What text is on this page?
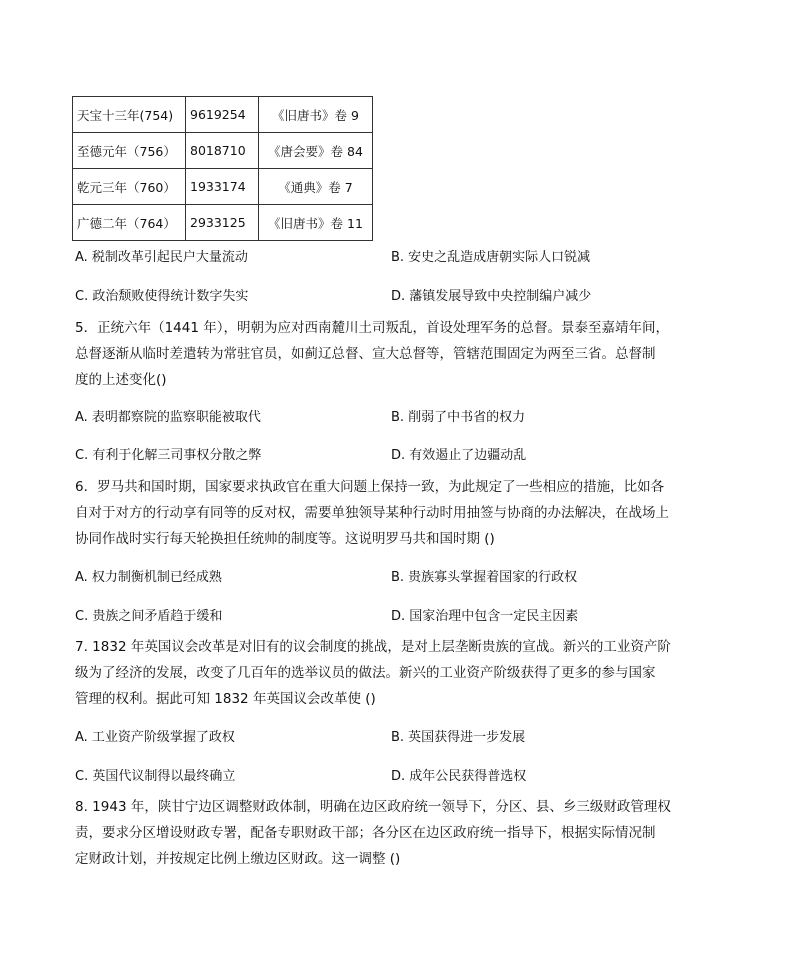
天宝十三年(754)	9619254	《旧唐书》卷 9
至德元年（756）	8018710	《唐会要》卷 84
乾元三年（760）	1933174	《通典》卷 7
广德二年（764）	2933125	《旧唐书》卷 11
A. 税制改革引起民户大量流动	B. 安史之乱造成唐朝实际人口锐减
C. 政治颓败使得统计数字失实	D. 藩镇发展导致中央控制编户减少
5．正统六年（1441 年），明朝为应对西南麓川土司叛乱，首设处理军务的总督。景泰至嘉靖年间，
总督逐渐从临时差遣转为常驻官员，如蓟辽总督、宣大总督等，管辖范围固定为两至三省。总督制
度的上述变化()
A. 表明都察院的监察职能被取代	B. 削弱了中书省的权力
C. 有利于化解三司事权分散之弊	D. 有效遏止了边疆动乱
6．罗马共和国时期，国家要求执政官在重大问题上保持一致，为此规定了一些相应的措施，比如各
自对于对方的行动享有同等的反对权，需要单独领导某种行动时用抽签与协商的办法解决，在战场上
协同作战时实行每天轮换担任统帅的制度等。这说明罗马共和国时期 ()
A. 权力制衡机制已经成熟	B. 贵族寡头掌握着国家的行政权
C. 贵族之间矛盾趋于缓和	D. 国家治理中包含一定民主因素
7. 1832 年英国议会改革是对旧有的议会制度的挑战，是对上层垄断贵族的宣战。新兴的工业资产阶
级为了经济的发展，改变了几百年的选举议员的做法。新兴的工业资产阶级获得了更多的参与国家
管理的权利。据此可知 1832 年英国议会改革使 ()
A. 工业资产阶级掌握了政权	B. 英国获得进一步发展
C. 英国代议制得以最终确立	D. 成年公民获得普选权
8. 1943 年，陕甘宁边区调整财政体制，明确在边区政府统一领导下，分区、县、乡三级财政管理权
责，要求分区增设财政专署，配备专职财政干部；各分区在边区政府统一指导下，根据实际情况制
定财政计划，并按规定比例上缴边区财政。这一调整 ()
